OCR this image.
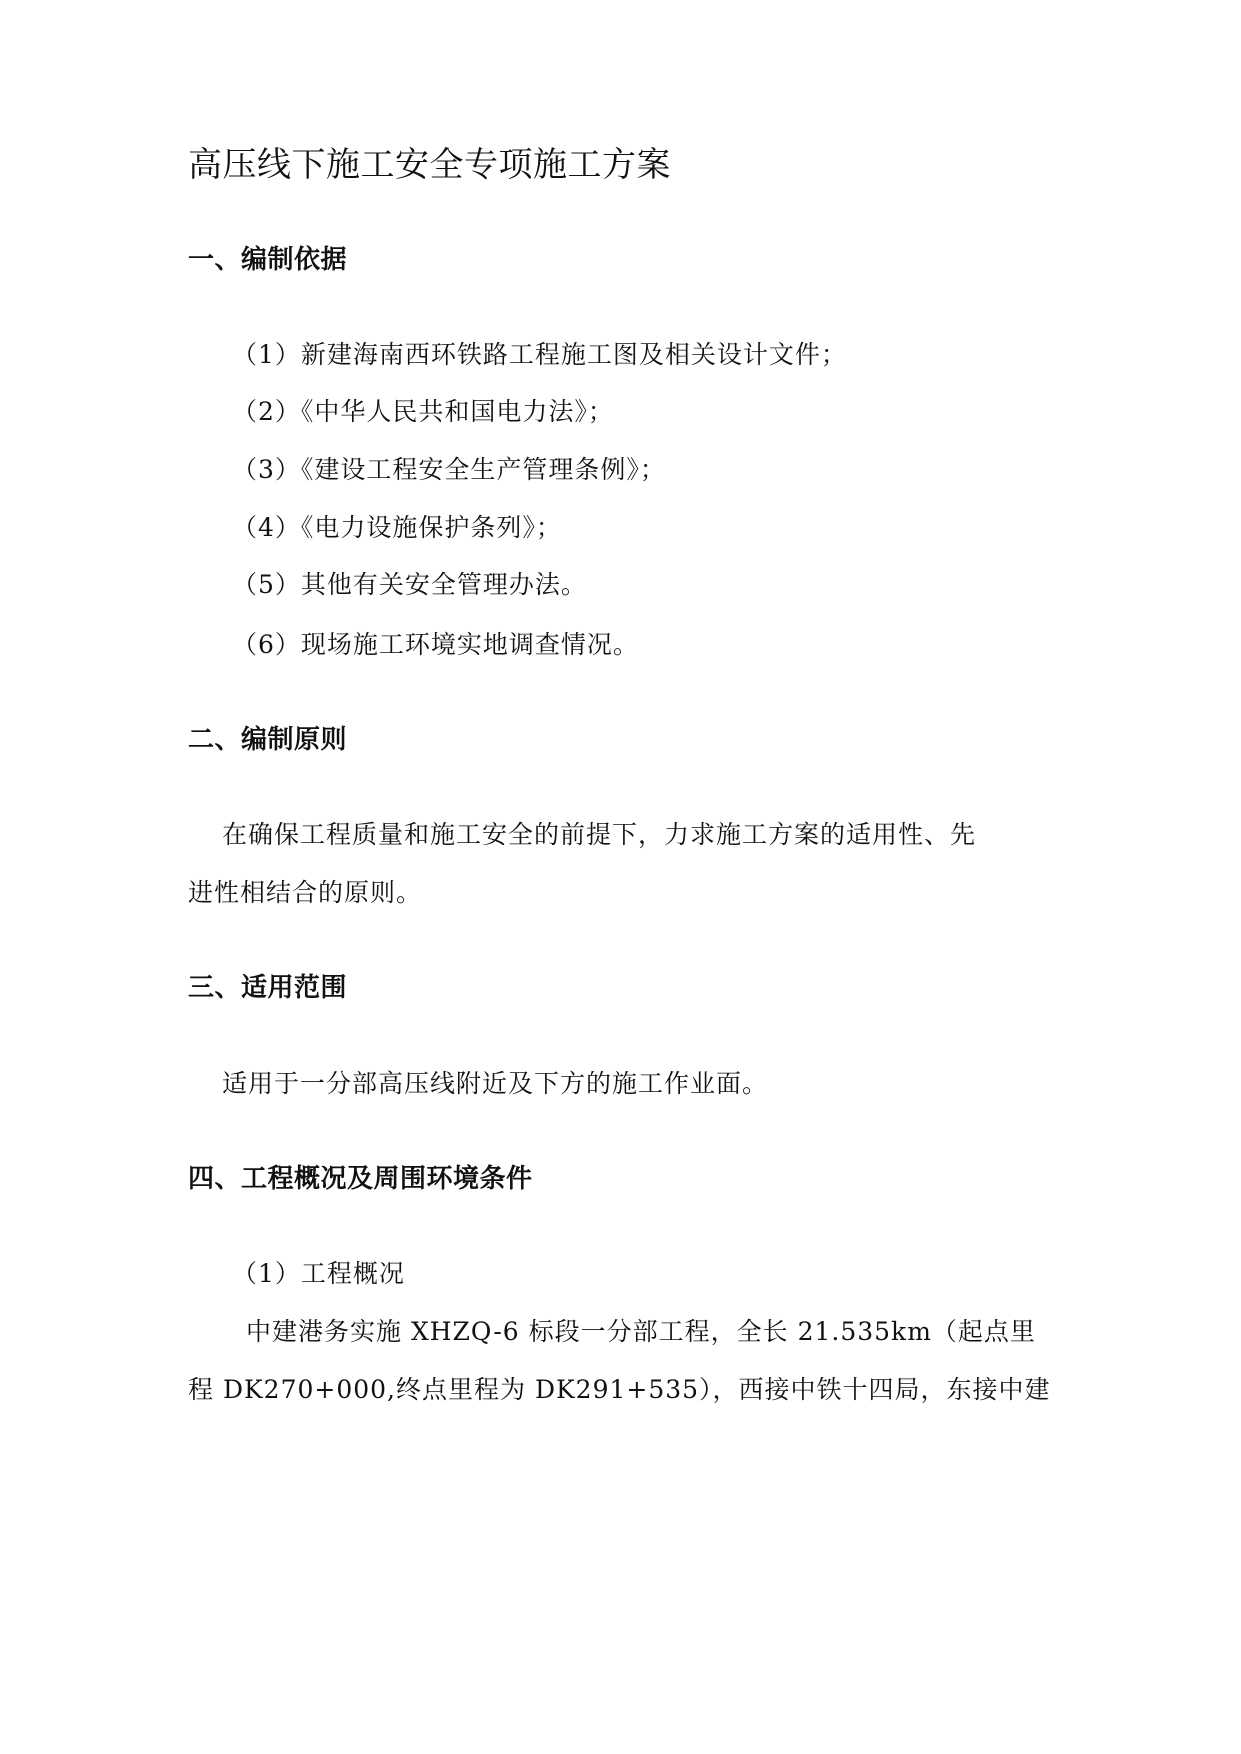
高压线下施工安全专项施工方案
一、编制依据
（1）新建海南西环铁路工程施工图及相关设计文件；
（2）《中华人民共和国电力法》；
（3）《建设工程安全生产管理条例》；
（4）《电力设施保护条列》；
（5）其他有关安全管理办法。
（6）现场施工环境实地调查情况。
二、编制原则
在确保工程质量和施工安全的前提下，力求施工方案的适用性、先
进性相结合的原则。
三、适用范围
适用于一分部高压线附近及下方的施工作业面。
四、工程概况及周围环境条件
（1）工程概况
中建港务实施 XHZQ-6 标段一分部工程，全长 21.535km（起点里
程 DK270+000,终点里程为 DK291+535），西接中铁十四局，东接中建
